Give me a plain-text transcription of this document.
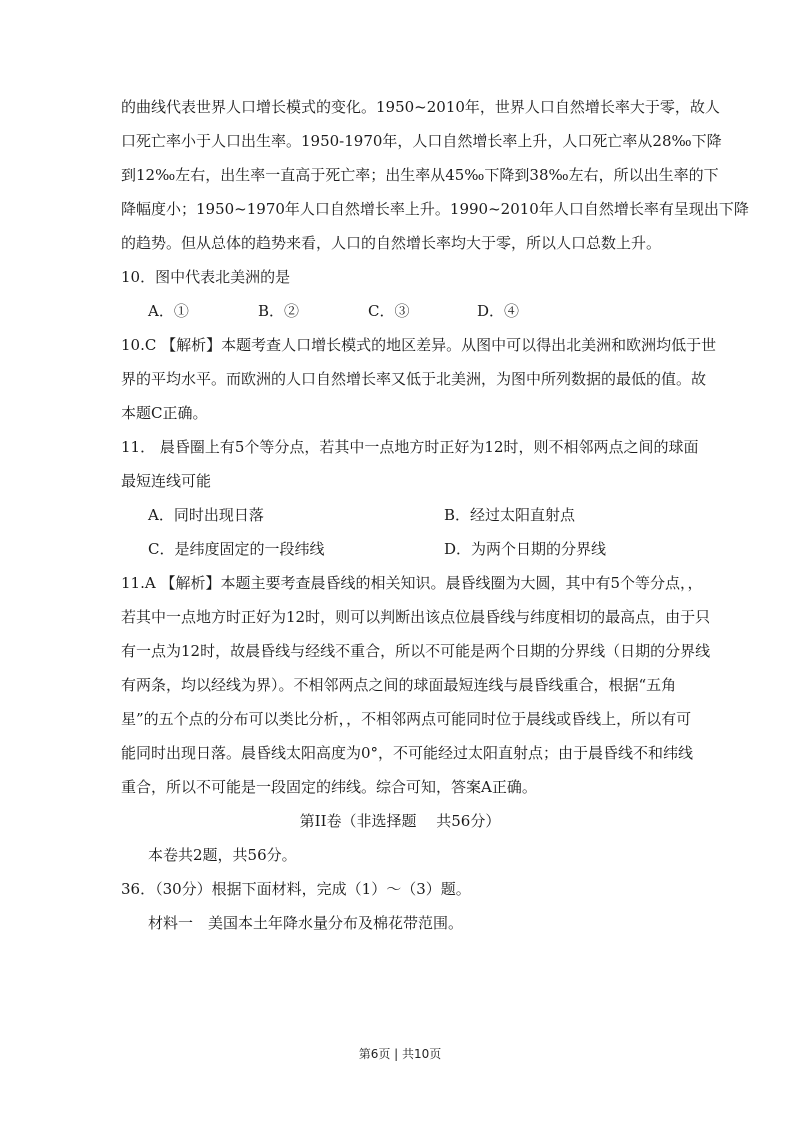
的曲线代表世界人口增长模式的变化。1950~2010年，世界人口自然增长率大于零，故人
口死亡率小于人口出生率。1950-1970年，人口自然增长率上升，人口死亡率从28‰下降
到12‰左右，出生率一直高于死亡率；出生率从45‰下降到38‰左右，所以出生率的下
降幅度小；1950~1970年人口自然增长率上升。1990~2010年人口自然增长率有呈现出下降
的趋势。但从总体的趋势来看，人口的自然增长率均大于零，所以人口总数上升。
10．图中代表北美洲的是
A．①	B．②	C．③	D．④
10.C 【解析】本题考查人口增长模式的地区差异。从图中可以得出北美洲和欧洲均低于世
界的平均水平。而欧洲的人口自然增长率又低于北美洲，为图中所列数据的最低的值。故
本题C正确。
11． 晨昏圈上有5个等分点，若其中一点地方时正好为12时，则不相邻两点之间的球面
最短连线可能
A．同时出现日落	B．经过太阳直射点
C．是纬度固定的一段纬线	D．为两个日期的分界线
11.A 【解析】本题主要考查晨昏线的相关知识。晨昏线圈为大圆，其中有5个等分点，，
若其中一点地方时正好为12时，则可以判断出该点位晨昏线与纬度相切的最高点，由于只
有一点为12时，故晨昏线与经线不重合，所以不可能是两个日期的分界线（日期的分界线
有两条，均以经线为界）。不相邻两点之间的球面最短连线与晨昏线重合，根据“五角
星”的五个点的分布可以类比分析，，不相邻两点可能同时位于晨线或昏线上，所以有可
能同时出现日落。晨昏线太阳高度为0°，不可能经过太阳直射点；由于晨昏线不和纬线
重合，所以不可能是一段固定的纬线。综合可知，答案A正确。
第II卷（非选择题　 共56分）
本卷共2题，共56分。
36．（30分）根据下面材料，完成（1）～（3）题。
材料一　美国本土年降水量分布及棉花带范围。
第6页 | 共10页
